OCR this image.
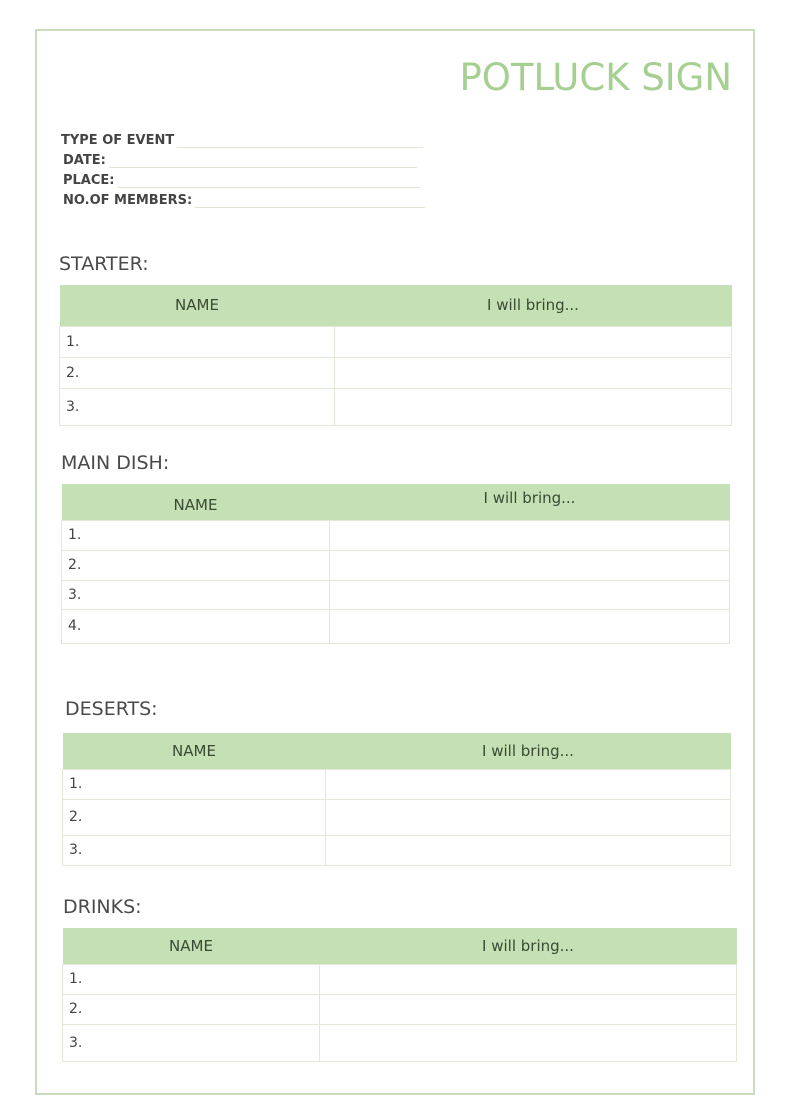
POTLUCK SIGN
TYPE OF EVENT
DATE:
PLACE:
NO.OF MEMBERS:
STARTER:
NAME	I will bring...
1.	
2.	
3.	
MAIN DISH:
NAME	I will bring...
1.	
2.	
3.	
4.	
DESERTS:
NAME	I will bring...
1.	
2.	
3.	
DRINKS:
NAME	I will bring...
1.	
2.	
3.	
